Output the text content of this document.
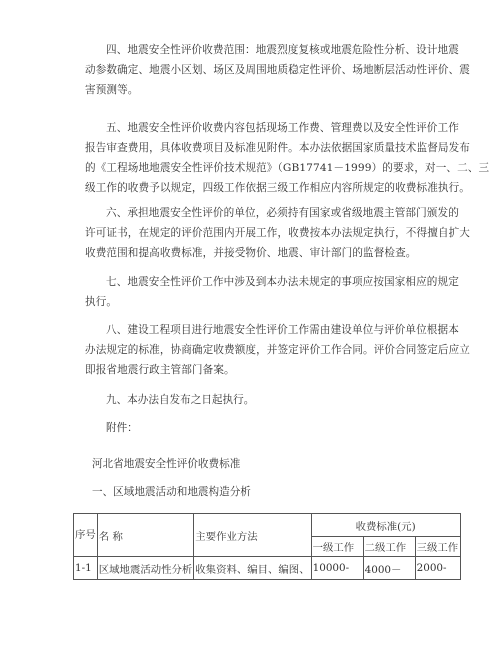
四、地震安全性评价收费范围：地震烈度复核或地震危险性分析、设计地震
动参数确定、地震小区划、场区及周围地质稳定性评价、场地断层活动性评价、震
害预测等。
五、地震安全性评价收费内容包括现场工作费、管理费以及安全性评价工作
报告审查费用，具体收费项目及标准见附件。本办法依据国家质量技术监督局发布
的《工程场地地震安全性评价技术规范》（GB17741－1999）的要求，对一、二、三
级工作的收费予以规定，四级工作依据三级工作相应内容所规定的收费标准执行。
六、承担地震安全性评价的单位，必须持有国家或省级地震主管部门颁发的
许可证书，在规定的评价范围内开展工作，收费按本办法规定执行，不得擅自扩大
收费范围和提高收费标准，并接受物价、地震、审计部门的监督检查。
七、地震安全性评价工作中涉及到本办法未规定的事项应按国家相应的规定
执行。
八、建设工程项目进行地震安全性评价工作需由建设单位与评价单位根据本
办法规定的标准，协商确定收费额度，并签定评价工作合同。评价合同签定后应立
即报省地震行政主管部门备案。
九、本办法自发布之日起执行。
附件：
河北省地震安全性评价收费标准
一、区域地震活动和地震构造分析
序号	名 称	主要作业方法	收费标准(元)		
			一级工作	二级工作	三级工作
1-1	区域地震活动性分析	收集资料、编目、编图、	10000-	4000－	2000-
